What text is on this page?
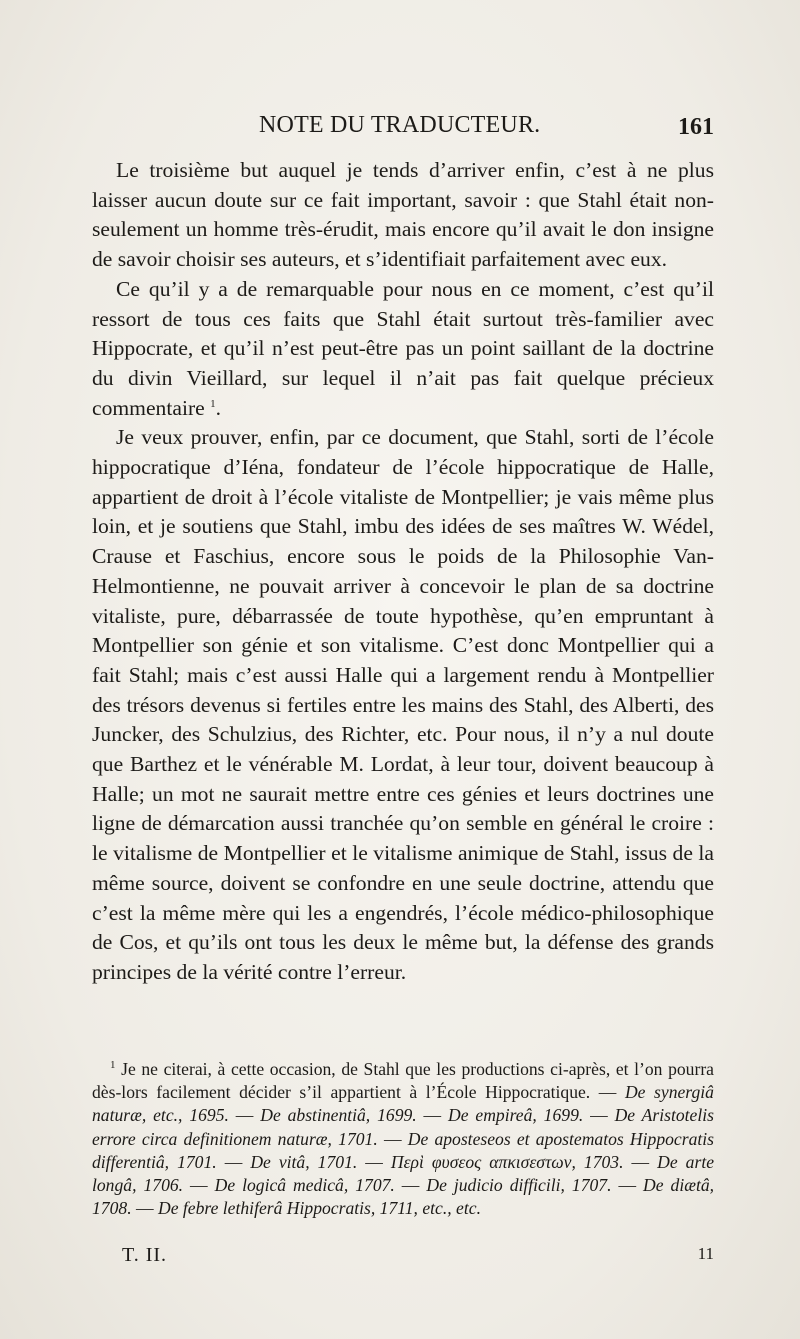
NOTE DU TRADUCTEUR.	161

Le troisième but auquel je tends d’arriver enfin, c’est à ne plus laisser aucun doute sur ce fait important, savoir : que Stahl était non-seulement un homme très-érudit, mais encore qu’il avait le don insigne de savoir choisir ses auteurs, et s’identifiait parfaitement avec eux.

Ce qu’il y a de remarquable pour nous en ce moment, c’est qu’il ressort de tous ces faits que Stahl était surtout très-familier avec Hippocrate, et qu’il n’est peut-être pas un point saillant de la doctrine du divin Vieillard, sur lequel il n’ait pas fait quelque précieux commentaire $^1$.

Je veux prouver, enfin, par ce document, que Stahl, sorti de l’école hippocratique d’Iéna, fondateur de l’école hippocratique de Halle, appartient de droit à l’école vitaliste de Montpellier; je vais même plus loin, et je soutiens que Stahl, imbu des idées de ses maîtres W. Wédel, Crause et Faschius, encore sous le poids de la Philosophie Van-Helmontienne, ne pouvait arriver à concevoir le plan de sa doctrine vitaliste, pure, débarrassée de toute hypothèse, qu’en empruntant à Montpellier son génie et son vitalisme. C’est donc Montpellier qui a fait Stahl; mais c’est aussi Halle qui a largement rendu à Montpellier des trésors devenus si fertiles entre les mains des Stahl, des Alberti, des Juncker, des Schulzius, des Richter, etc. Pour nous, il n’y a nul doute que Barthez et le vénérable M. Lordat, à leur tour, doivent beaucoup à Halle; un mot ne saurait mettre entre ces génies et leurs doctrines une ligne de démarcation aussi tranchée qu’on semble en général le croire : le vitalisme de Montpellier et le vitalisme animique de Stahl, issus de la même source, doivent se confondre en une seule doctrine, attendu que c’est la même mère qui les a engendrés, l’école médico-philosophique de Cos, et qu’ils ont tous les deux le même but, la défense des grands principes de la vérité contre l’erreur.

$^1$ Je ne citerai, à cette occasion, de Stahl que les productions ci-après, et l’on pourra dès-lors facilement décider s’il appartient à l’École Hippocratique. — De synergiâ naturæ, etc., 1695. — De abstinentiâ, 1699. — De empireâ, 1699. — De Aristotelis errore circa definitionem naturæ, 1701. — De aposteseos et apostematos Hippocratis differentiâ, 1701. — De vitâ, 1701. — Περὶ φυσεος απκισεστων, 1703. — De arte longâ, 1706. — De logicâ medicâ, 1707. — De judicio difficili, 1707. — De diætâ, 1708. — De febre lethiferâ Hippocratis, 1711, etc., etc.

T. II.	11
